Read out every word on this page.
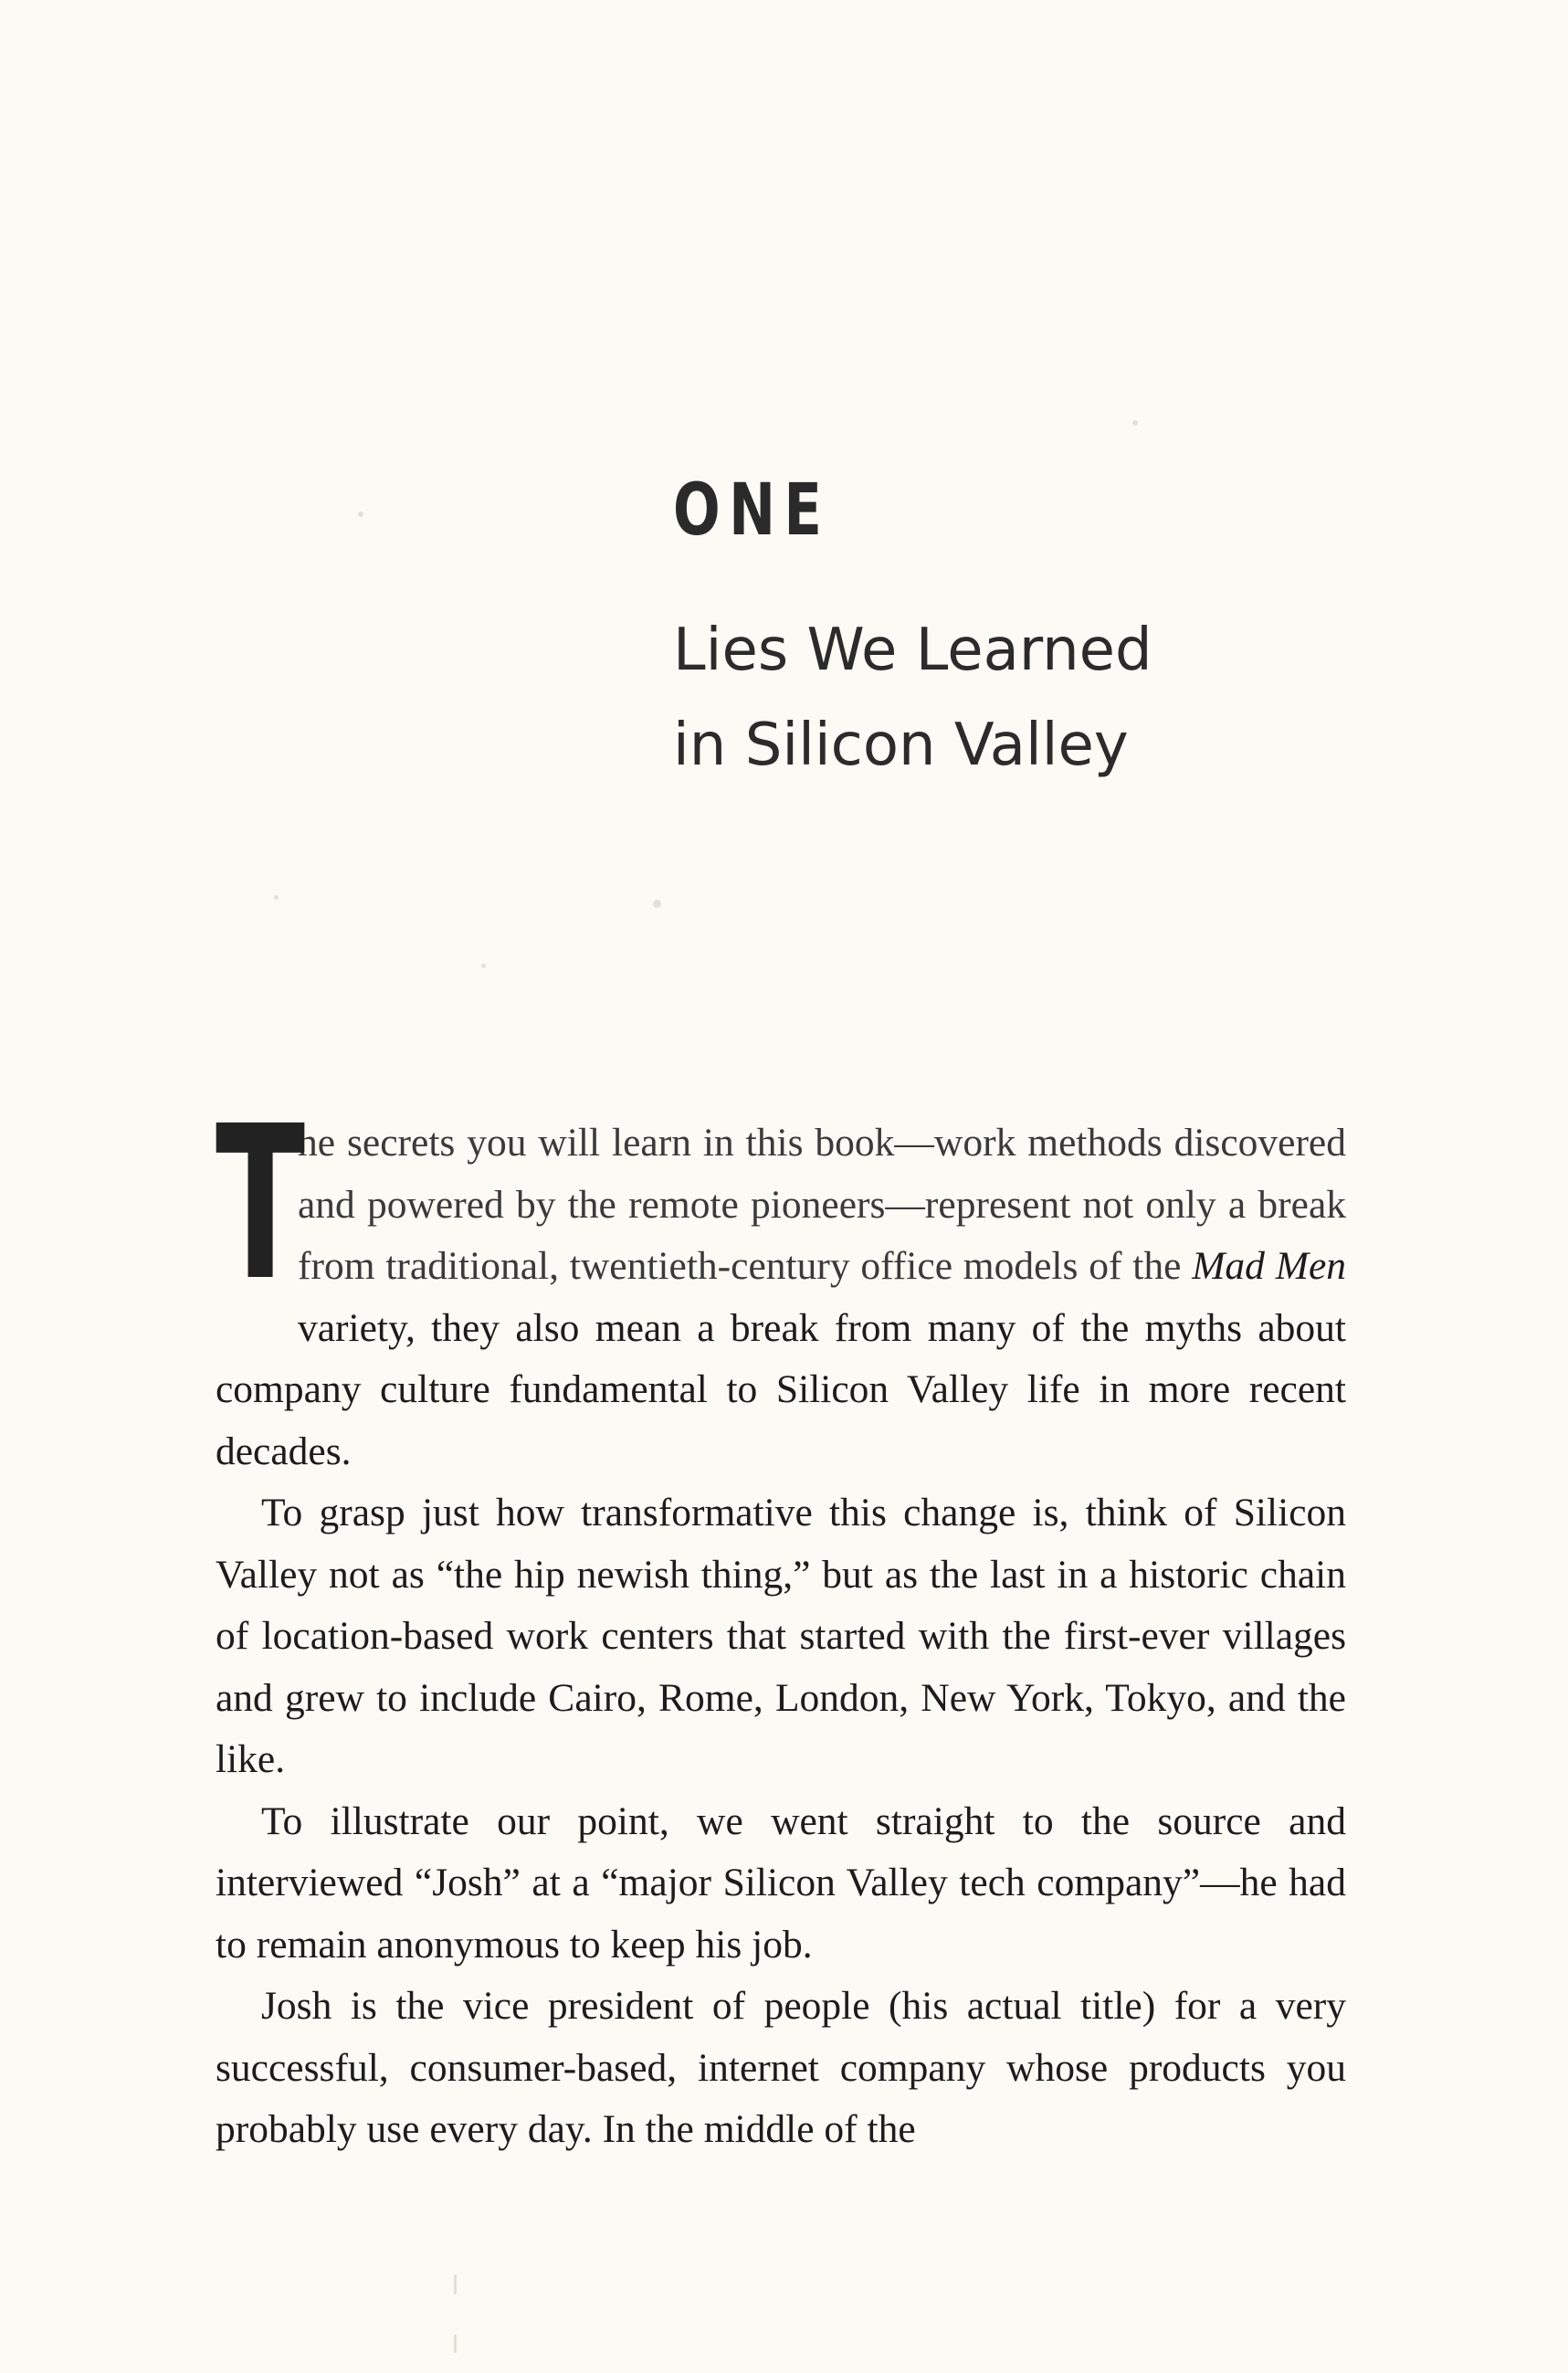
ONE
Lies We Learned
in Silicon Valley

T
he secrets you will learn in this book—work methods discovered and powered by the remote pioneers—represent not only a break from traditional, twentieth-century office models of the Mad Men variety, they also mean a break from many of the myths about company culture fundamental to Silicon Valley life in more recent decades.

To grasp just how transformative this change is, think of Silicon Valley not as “the hip newish thing,” but as the last in a historic chain of location-based work centers that started with the first-ever villages and grew to include Cairo, Rome, London, New York, Tokyo, and the like.

To illustrate our point, we went straight to the source and interviewed “Josh” at a “major Silicon Valley tech company”—he had to remain anonymous to keep his job.

Josh is the vice president of people (his actual title) for a very successful, consumer-based, internet company whose products you probably use every day. In the middle of the
